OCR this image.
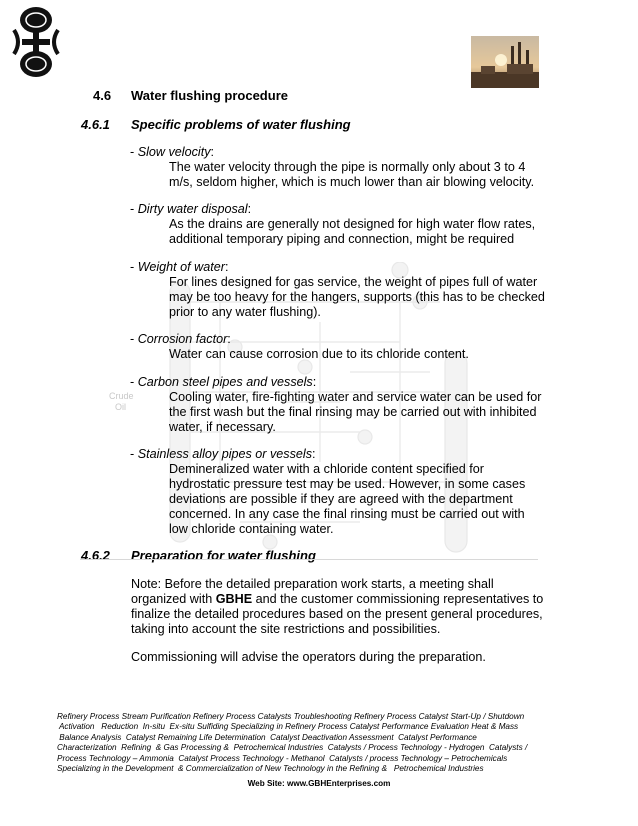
Crude
Oil
4.6 Water flushing procedure
4.6.1 Specific problems of water flushing
- Slow velocity:
The water velocity through the pipe is normally only about 3 to 4
m/s, seldom higher, which is much lower than air blowing velocity.
- Dirty water disposal:
As the drains are generally not designed for high water flow rates,
additional temporary piping and connection, might be required
- Weight of water:
For lines designed for gas service, the weight of pipes full of water
may be too heavy for the hangers, supports (this has to be checked
prior to any water flushing).
- Corrosion factor:
Water can cause corrosion due to its chloride content.
- Carbon steel pipes and vessels:
Cooling water, fire-fighting water and service water can be used for
the first wash but the final rinsing may be carried out with inhibited
water, if necessary.
- Stainless alloy pipes or vessels:
Demineralized water with a chloride content specified for
hydrostatic pressure test may be used. However, in some cases
deviations are possible if they are agreed with the department
concerned. In any case the final rinsing must be carried out with
low chloride containing water.
4.6.2 Preparation for water flushing
Note: Before the detailed preparation work starts, a meeting shall
organized with GBHE and the customer commissioning representatives to
finalize the detailed procedures based on the present general procedures,
taking into account the site restrictions and possibilities.
Commissioning will advise the operators during the preparation.
Refinery Process Stream Purification Refinery Process Catalysts Troubleshooting Refinery Process Catalyst Start-Up / Shutdown
Activation   Reduction  In-situ  Ex-situ Sulfiding Specializing in Refinery Process Catalyst Performance Evaluation Heat & Mass
Balance Analysis  Catalyst Remaining Life Determination  Catalyst Deactivation Assessment  Catalyst Performance
Characterization  Refining  & Gas Processing &  Petrochemical Industries  Catalysts / Process Technology - Hydrogen  Catalysts /
Process Technology – Ammonia  Catalyst Process Technology - Methanol  Catalysts / process Technology – Petrochemicals
Specializing in the Development  & Commercialization of New Technology in the Refining &   Petrochemical Industries
Web Site: www.GBHEnterprises.com
